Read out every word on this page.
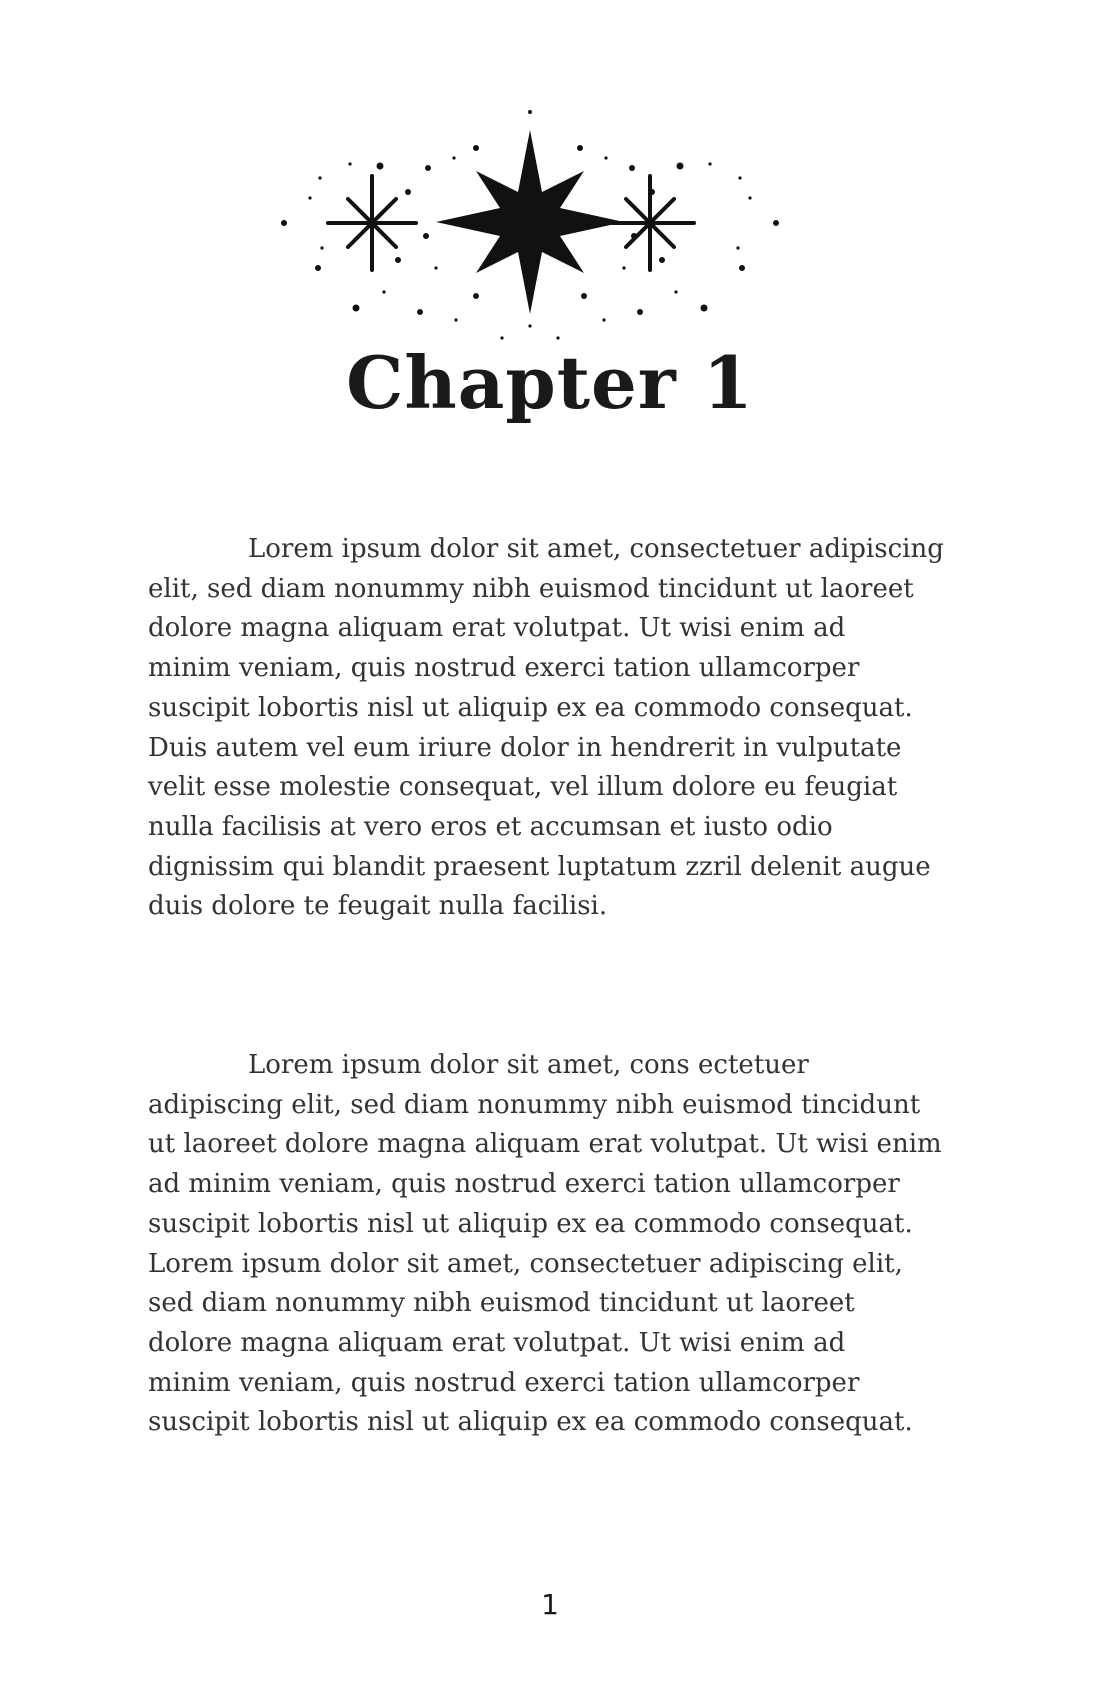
Chapter 1

Lorem ipsum dolor sit amet, consectetuer adipiscing
elit, sed diam nonummy nibh euismod tincidunt ut laoreet
dolore magna aliquam erat volutpat. Ut wisi enim ad
minim veniam, quis nostrud exerci tation ullamcorper
suscipit lobortis nisl ut aliquip ex ea commodo consequat.
Duis autem vel eum iriure dolor in hendrerit in vulputate
velit esse molestie consequat, vel illum dolore eu feugiat
nulla facilisis at vero eros et accumsan et iusto odio
dignissim qui blandit praesent luptatum zzril delenit augue
duis dolore te feugait nulla facilisi.

Lorem ipsum dolor sit amet, cons ectetuer
adipiscing elit, sed diam nonummy nibh euismod tincidunt
ut laoreet dolore magna aliquam erat volutpat. Ut wisi enim
ad minim veniam, quis nostrud exerci tation ullamcorper
suscipit lobortis nisl ut aliquip ex ea commodo consequat.
Lorem ipsum dolor sit amet, consectetuer adipiscing elit,
sed diam nonummy nibh euismod tincidunt ut laoreet
dolore magna aliquam erat volutpat. Ut wisi enim ad
minim veniam, quis nostrud exerci tation ullamcorper
suscipit lobortis nisl ut aliquip ex ea commodo consequat.

1
